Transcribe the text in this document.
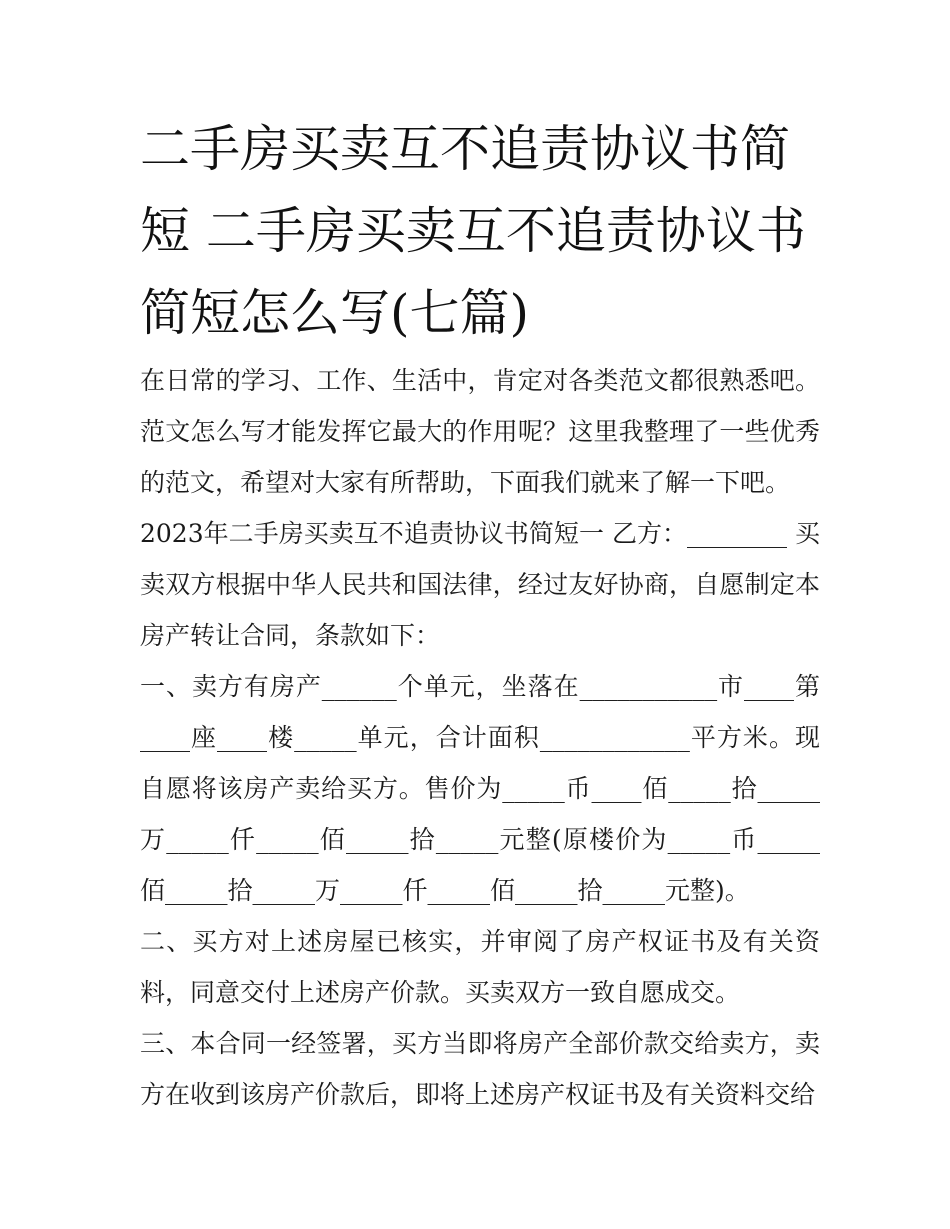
二手房买卖互不追责协议书简短 二手房买卖互不追责协议书简短怎么写(七篇)

在日常的学习、工作、生活中，肯定对各类范文都很熟悉吧。范文怎么写才能发挥它最大的作用呢？这里我整理了一些优秀的范文，希望对大家有所帮助，下面我们就来了解一下吧。

2023年二手房买卖互不追责协议书简短一 乙方：________ 买卖双方根据中华人民共和国法律，经过友好协商，自愿制定本房产转让合同，条款如下：

一、卖方有房产______个单元，坐落在___________市____第____座____楼_____单元，合计面积____________平方米。现自愿将该房产卖给买方。售价为_____币____佰_____拾_____万_____仟_____佰_____拾_____元整(原楼价为_____币_____佰_____拾_____万_____仟_____佰_____拾_____元整)。

二、买方对上述房屋已核实，并审阅了房产权证书及有关资料，同意交付上述房产价款。买卖双方一致自愿成交。

三、本合同一经签署，买方当即将房产全部价款交给卖方，卖方在收到该房产价款后，即将上述房产权证书及有关资料交给
